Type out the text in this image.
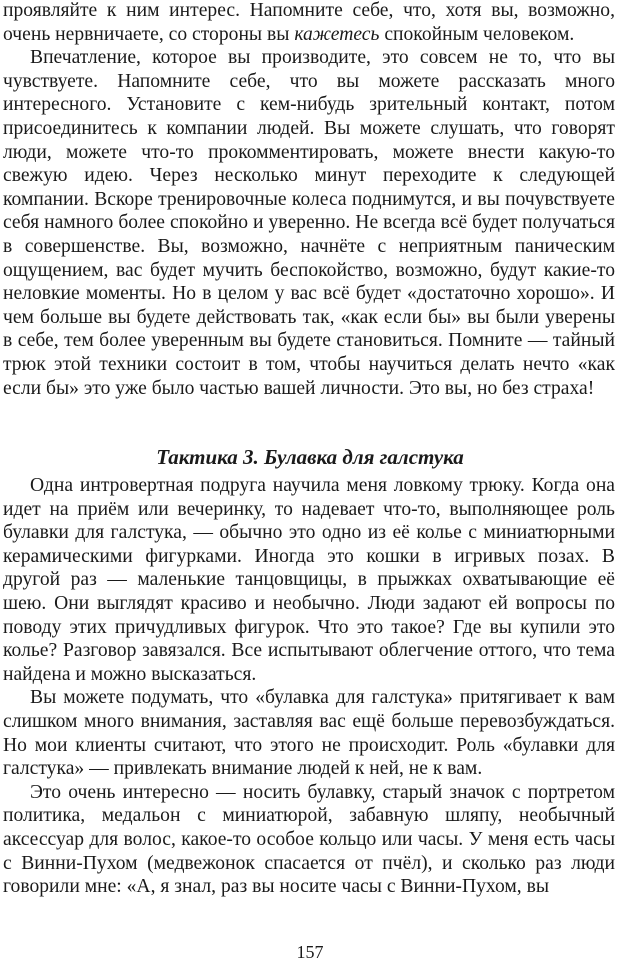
проявляйте к ним интерес. Напомните себе, что, хотя вы, возможно, очень нервничаете, со стороны вы кажетесь спокойным человеком.

Впечатление, которое вы производите, это совсем не то, что вы чувствуете. Напомните себе, что вы можете рассказать много интересного. Установите с кем-нибудь зрительный контакт, потом присоединитесь к компании людей. Вы можете слушать, что говорят люди, можете что-то прокомментировать, можете внести какую-то свежую идею. Через несколько минут переходите к следующей компании. Вскоре тренировочные колеса поднимутся, и вы почувствуете себя намного более спокойно и уверенно. Не всегда всё будет получаться в совершенстве. Вы, возможно, начнёте с неприятным паническим ощущением, вас будет мучить беспокойство, возможно, будут какие-то неловкие моменты. Но в целом у вас всё будет «достаточно хорошо». И чем больше вы будете действовать так, «как если бы» вы были уверены в себе, тем более уверенным вы будете становиться. Помните — тайный трюк этой техники состоит в том, чтобы научиться делать нечто «как если бы» это уже было частью вашей личности. Это вы, но без страха!

Тактика 3. Булавка для галстука

Одна интровертная подруга научила меня ловкому трюку. Когда она идет на приём или вечеринку, то надевает что-то, выполняющее роль булавки для галстука, — обычно это одно из её колье с миниатюрными керамическими фигурками. Иногда это кошки в игривых позах. В другой раз — маленькие танцовщицы, в прыжках охватывающие её шею. Они выглядят красиво и необычно. Люди задают ей вопросы по поводу этих причудливых фигурок. Что это такое? Где вы купили это колье? Разговор завязался. Все испытывают облегчение оттого, что тема найдена и можно высказаться.

Вы можете подумать, что «булавка для галстука» притягивает к вам слишком много внимания, заставляя вас ещё больше перевозбуждаться. Но мои клиенты считают, что этого не происходит. Роль «булавки для галстука» — привлекать внимание людей к ней, не к вам.

Это очень интересно — носить булавку, старый значок с портретом политика, медальон с миниатюрой, забавную шляпу, необычный аксессуар для волос, какое-то особое кольцо или часы. У меня есть часы с Винни-Пухом (медвежонок спасается от пчёл), и сколько раз люди говорили мне: «А, я знал, раз вы носите часы с Винни-Пухом, вы

157
